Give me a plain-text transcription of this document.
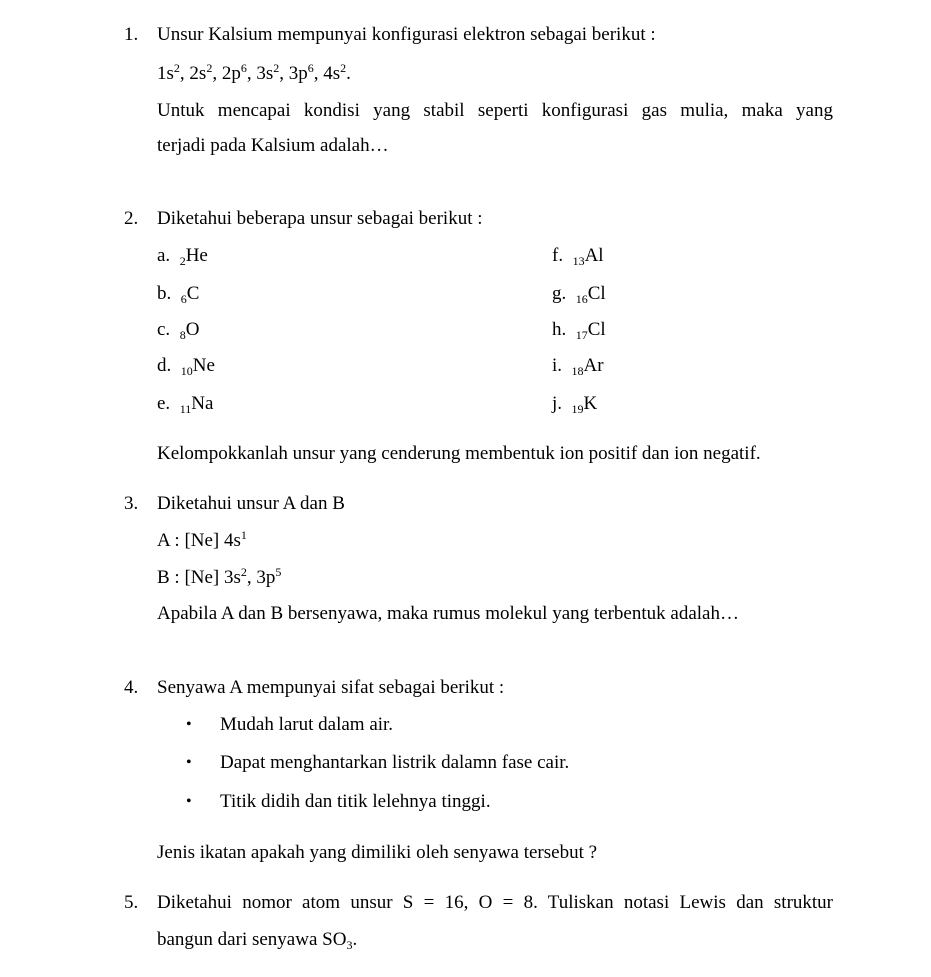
1. Unsur Kalsium mempunyai konfigurasi elektron sebagai berikut :
$1s^2$, $2s^2$, $2p^6$, $3s^2$, $3p^6$, $4s^2$.
Untuk mencapai kondisi yang stabil seperti konfigurasi gas mulia, maka yang
terjadi pada Kalsium adalah…
2. Diketahui beberapa unsur sebagai berikut :
a. $_2$He
b. $_6$C
c. $_8$O
d. $_{10}$Ne
e. $_{11}$Na
f. $_{13}$Al
g. $_{16}$Cl
h. $_{17}$Cl
i. $_{18}$Ar
j. $_{19}$K
Kelompokkanlah unsur yang cenderung membentuk ion positif dan ion negatif.
3. Diketahui unsur A dan B
A : [Ne] $4s^1$
B : [Ne] $3s^2$, $3p^5$
Apabila A dan B bersenyawa, maka rumus molekul yang terbentuk adalah…
4. Senyawa A mempunyai sifat sebagai berikut :
• Mudah larut dalam air.
• Dapat menghantarkan listrik dalamn fase cair.
• Titik didih dan titik lelehnya tinggi.
Jenis ikatan apakah yang dimiliki oleh senyawa tersebut ?
5. Diketahui nomor atom unsur S = 16, O = 8. Tuliskan notasi Lewis dan struktur
bangun dari senyawa $SO_3$.
